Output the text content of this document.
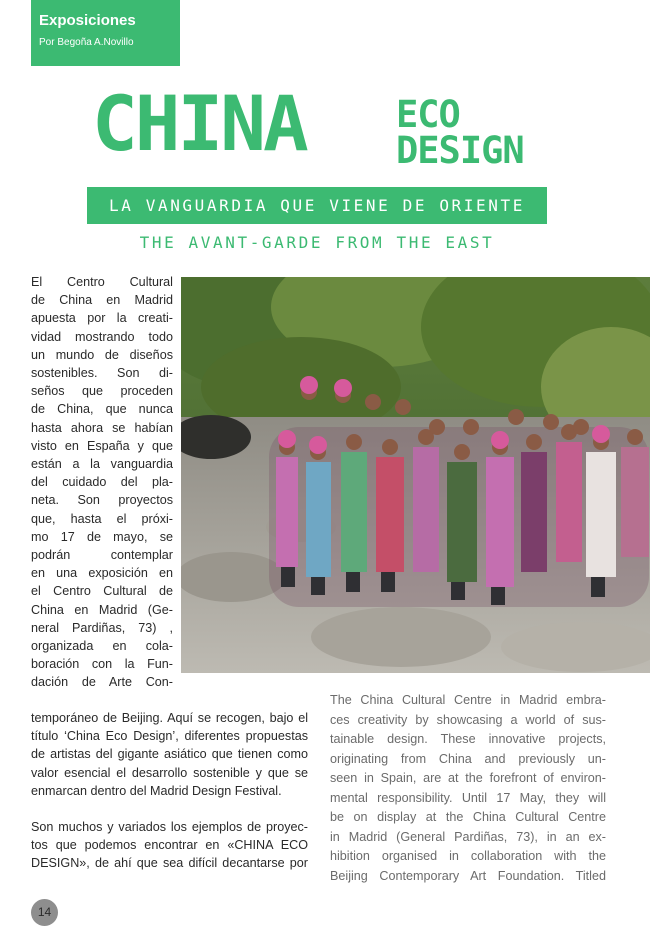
Exposiciones
Por Begoña A.Novillo
CHINA ECO
DESIGN
LA VANGUARDIA QUE VIENE DE ORIENTE
THE AVANT-GARDE FROM THE EAST
El Centro Cultural
de China en Madrid
apuesta por la creati-
vidad mostrando todo
un mundo de diseños
sostenibles. Son di-
seños que proceden
de China, que nunca
hasta ahora se habían
visto en España y que
están a la vanguardia
del cuidado del pla-
neta. Son proyectos
que, hasta el próxi-
mo 17 de mayo, se
podrán contemplar
en una exposición en
el Centro Cultural de
China en Madrid (Ge-
neral Pardiñas, 73) ,
organizada en cola-
boración con la Fun-
dación de Arte Con-
temporáneo de Beijing. Aquí se recogen, bajo el
título ‘China Eco Design’, diferentes propuestas
de artistas del gigante asiático que tienen como
valor esencial el desarrollo sostenible y que se
enmarcan dentro del Madrid Design Festival.
Son muchos y variados los ejemplos de proyec-
tos que podemos encontrar en «CHINA ECO
DESIGN», de ahí que sea difícil decantarse por
The China Cultural Centre in Madrid embra-
ces creativity by showcasing a world of sus-
tainable design. These innovative projects,
originating from China and previously un-
seen in Spain, are at the forefront of environ-
mental responsibility. Until 17 May, they will
be on display at the China Cultural Centre
in Madrid (General Pardiñas, 73), in an ex-
hibition organised in collaboration with the
Beijing Contemporary Art Foundation. Titled
14
